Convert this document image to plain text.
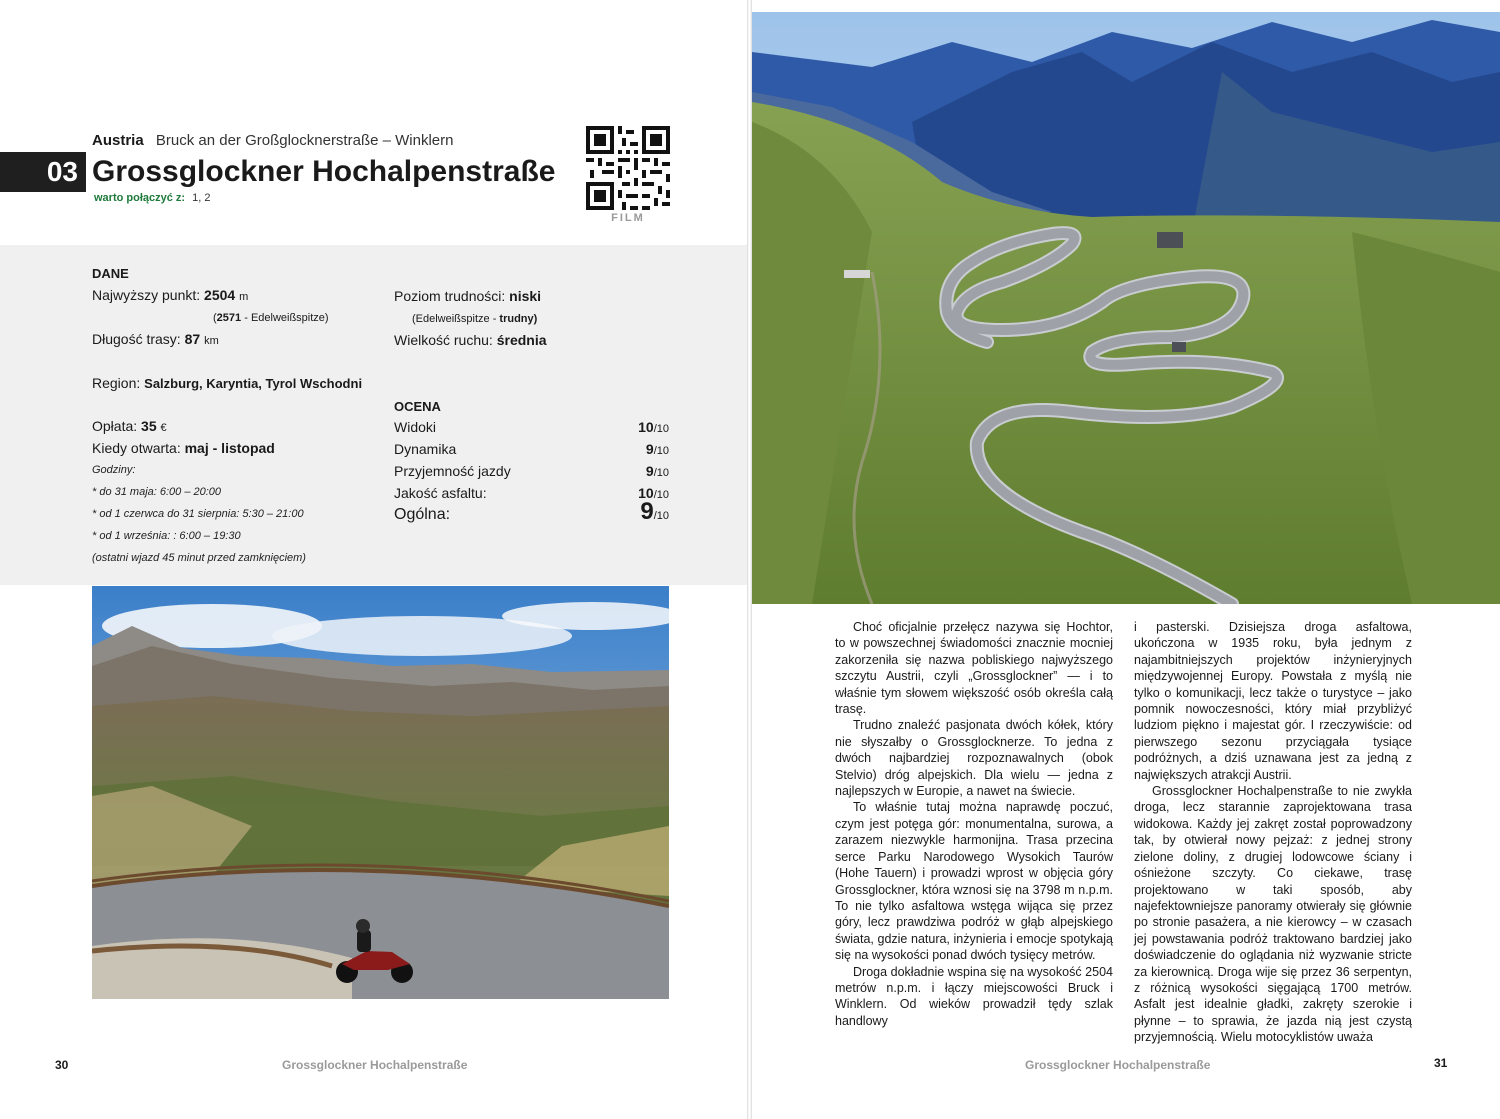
Austria Bruck an der Großglocknerstraße – Winklern
03 Grossglockner Hochalpenstraße
warto połączyć z: 1, 2
FILM
DANE
Najwyższy punkt: 2504 m
(2571 - Edelweißspitze)
Długość trasy: 87 km
Region: Salzburg, Karyntia, Tyrol Wschodni
Opłata: 35 €
Kiedy otwarta: maj - listopad
Godziny:
* do 31 maja: 6:00 – 20:00
* od 1 czerwca do 31 sierpnia: 5:30 – 21:00
* od 1 września: : 6:00 – 19:30
(ostatni wjazd 45 minut przed zamknięciem)
Poziom trudności: niski
(Edelweißspitze - trudny)
Wielkość ruchu: średnia
OCENA
Widoki	10/10
Dynamika	9/10
Przyjemność jazdy	9/10
Jakość asfaltu:	10/10
Ogólna:	9/10
30	Grossglockner Hochalpenstraße

Choć oficjalnie przełęcz nazywa się Hochtor, to w powszechnej świadomości znacznie mocniej zakorzeniła się nazwa pobliskiego najwyższego szczytu Austrii, czyli „Grossglockner” — i to właśnie tym słowem większość osób określa całą trasę.

Trudno znaleźć pasjonata dwóch kółek, który nie słyszałby o Grossglocknerze. To jedna z dwóch najbardziej rozpoznawalnych (obok Stelvio) dróg alpejskich. Dla wielu — jedna z najlepszych w Europie, a nawet na świecie.

To właśnie tutaj można naprawdę poczuć, czym jest potęga gór: monumentalna, surowa, a zarazem niezwykle harmonijna. Trasa przecina serce Parku Narodowego Wysokich Taurów (Hohe Tauern) i prowadzi wprost w objęcia góry Grossglockner, która wznosi się na 3798 m n.p.m. To nie tylko asfaltowa wstęga wijąca się przez góry, lecz prawdziwa podróż w głąb alpejskiego świata, gdzie natura, inżynieria i emocje spotykają się na wysokości ponad dwóch tysięcy metrów.

Droga dokładnie wspina się na wysokość 2504 metrów n.p.m. i łączy miejscowości Bruck i Winklern. Od wieków prowadził tędy szlak handlowy

i pasterski. Dzisiejsza droga asfaltowa, ukończona w 1935 roku, była jednym z najambitniejszych projektów inżynieryjnych międzywojennej Europy. Powstała z myślą nie tylko o komunikacji, lecz także o turystyce – jako pomnik nowoczesności, który miał przybliżyć ludziom piękno i majestat gór. I rzeczywiście: od pierwszego sezonu przyciągała tysiące podróżnych, a dziś uznawana jest za jedną z największych atrakcji Austrii.

Grossglockner Hochalpenstraße to nie zwykła droga, lecz starannie zaprojektowana trasa widokowa. Każdy jej zakręt został poprowadzony tak, by otwierał nowy pejzaż: z jednej strony zielone doliny, z drugiej lodowcowe ściany i ośnieżone szczyty. Co ciekawe, trasę projektowano w taki sposób, aby najefektowniejsze panoramy otwierały się głównie po stronie pasażera, a nie kierowcy – w czasach jej powstawania podróż traktowano bardziej jako doświadczenie do oglądania niż wyzwanie stricte za kierownicą. Droga wije się przez 36 serpentyn, z różnicą wysokości sięgającą 1700 metrów. Asfalt jest idealnie gładki, zakręty szerokie i płynne – to sprawia, że jazda nią jest czystą przyjemnością. Wielu motocyklistów uważa

Grossglockner Hochalpenstraße	31
